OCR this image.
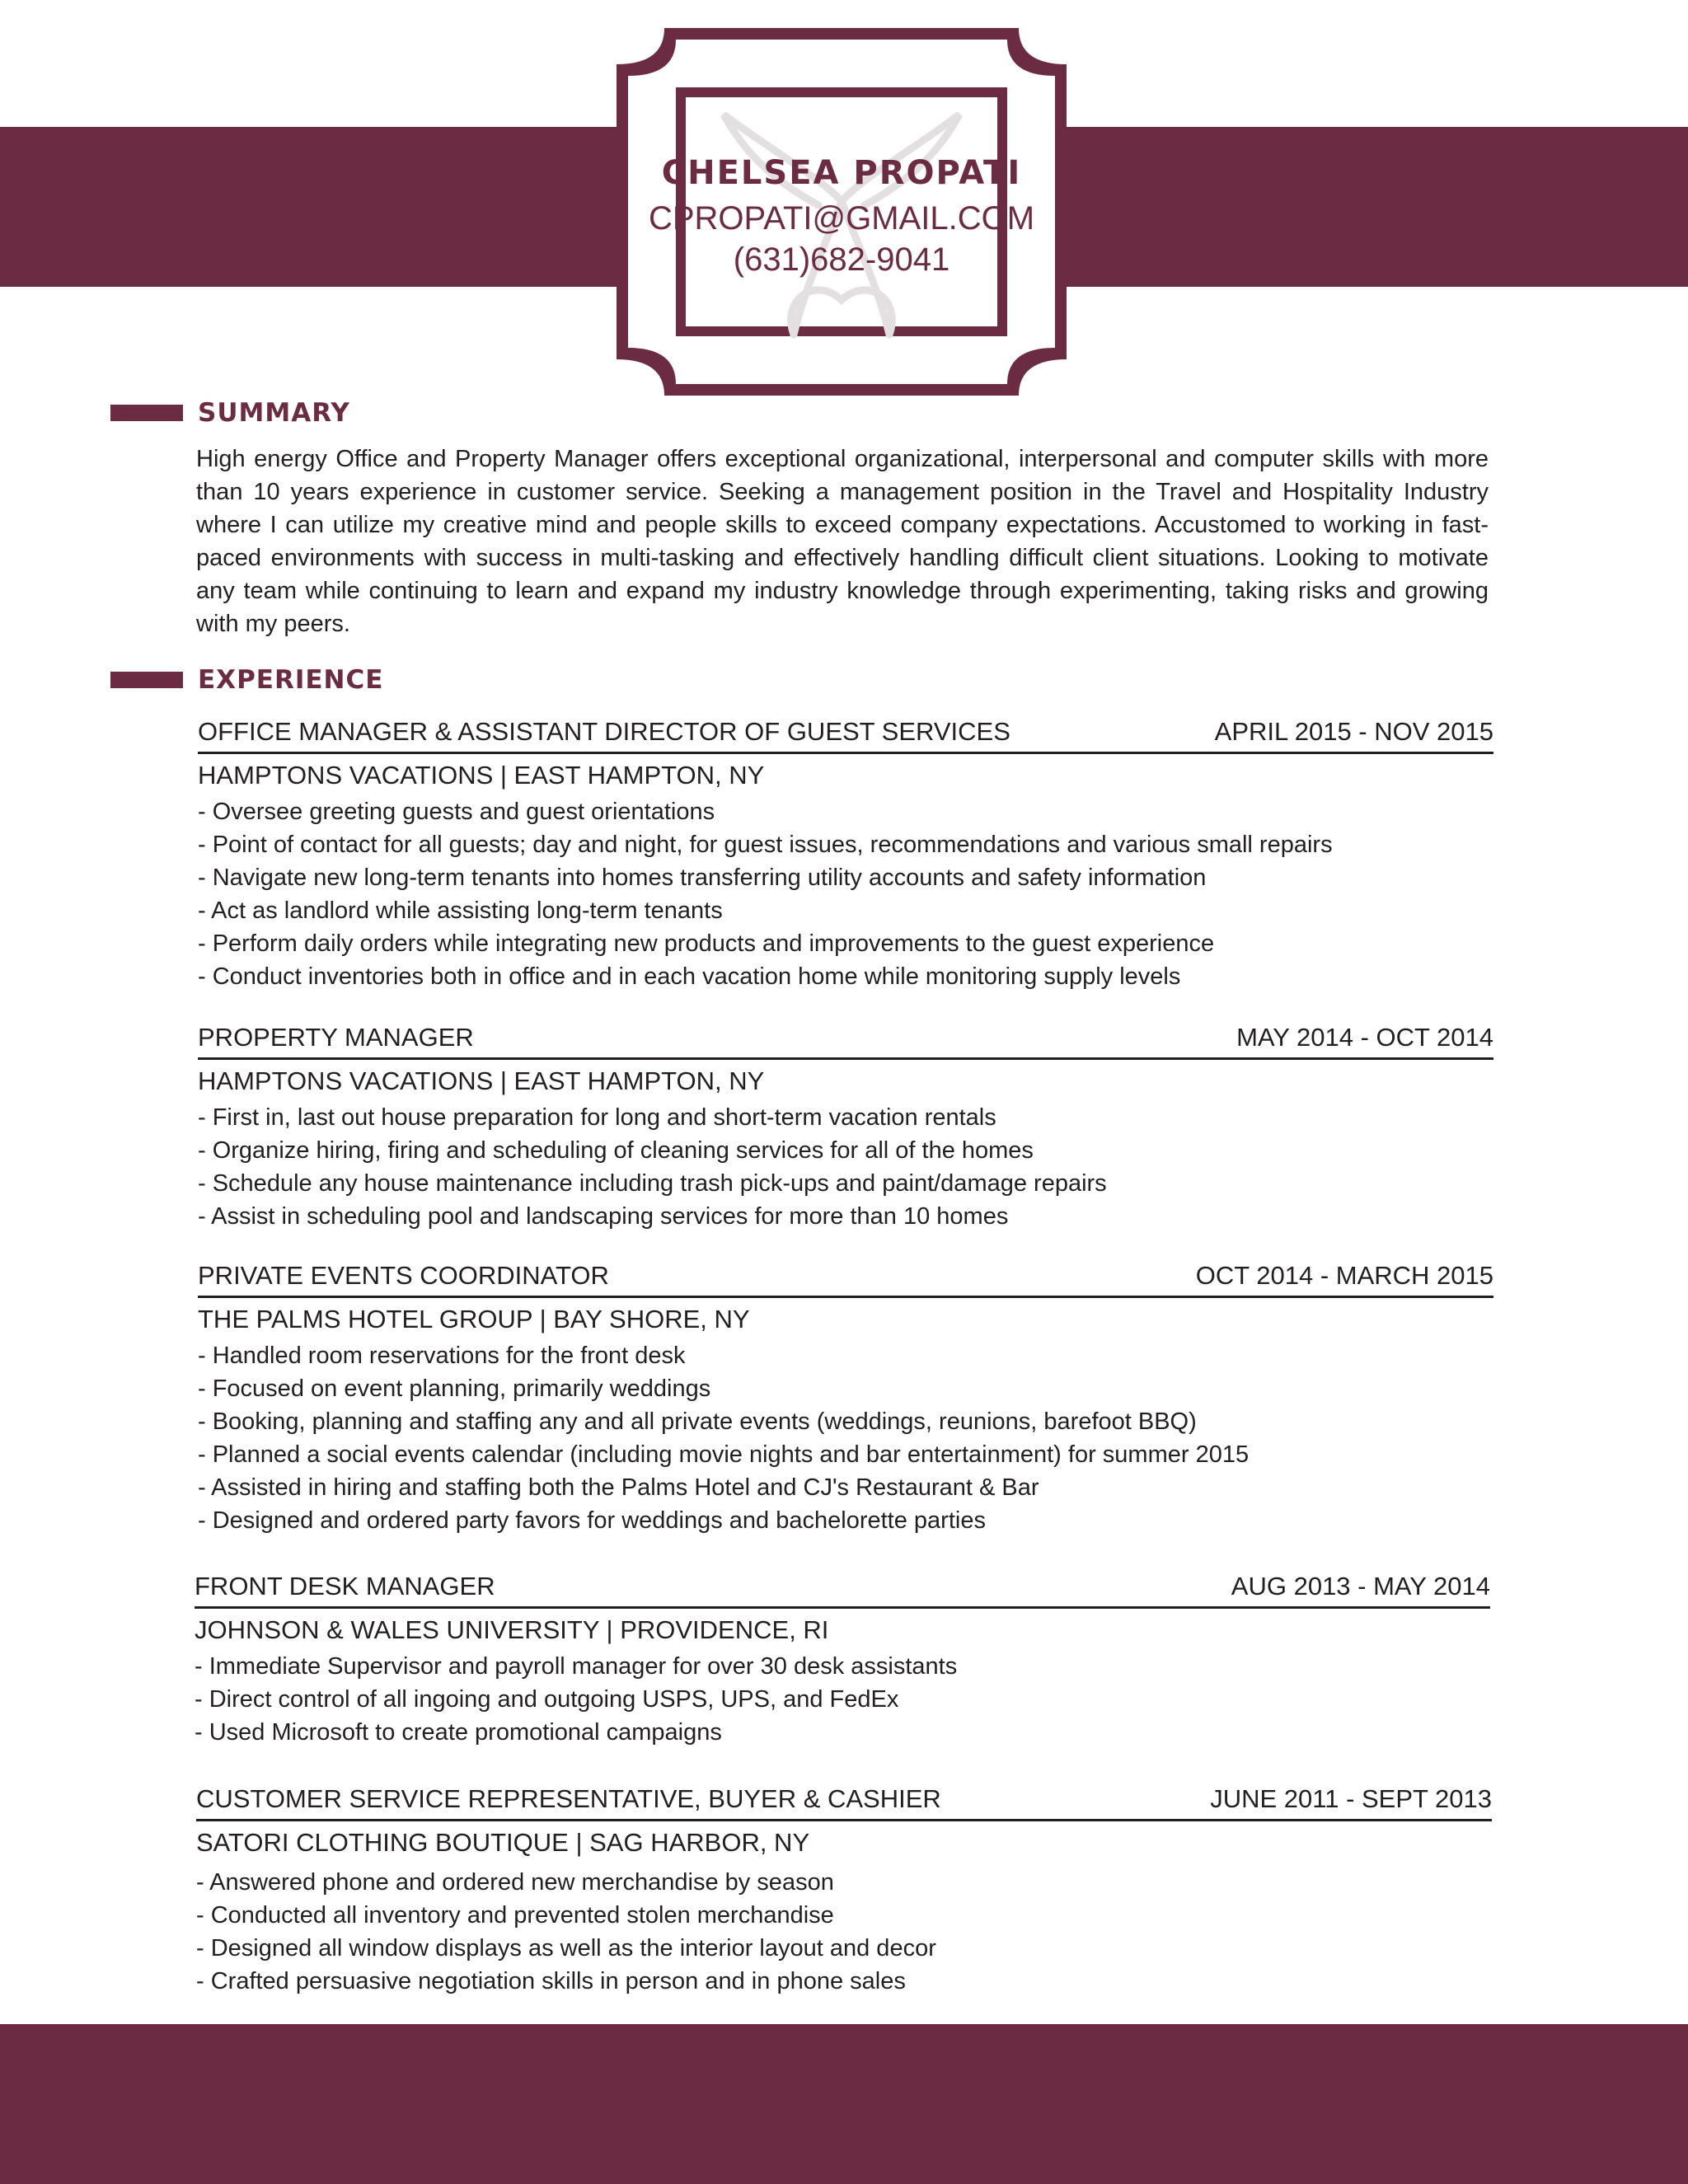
CHELSEA PROPATI
CPROPATI@GMAIL.COM
(631)682-9041
SUMMARY
High energy Office and Property Manager offers exceptional organizational, interpersonal and computer skills with more than 10 years experience in customer service. Seeking a management position in the Travel and Hospitality Industry where I can utilize my creative mind and people skills to exceed company expectations. Accustomed to working in fast-paced environments with success in multi-tasking and effectively handling difficult client situations. Looking to motivate any team while continuing to learn and expand my industry knowledge through experimenting, taking risks and growing with my peers.
EXPERIENCE
OFFICE MANAGER & ASSISTANT DIRECTOR OF GUEST SERVICES	APRIL 2015 - NOV 2015
HAMPTONS VACATIONS | EAST HAMPTON, NY
- Oversee greeting guests and guest orientations
- Point of contact for all guests; day and night, for guest issues, recommendations and various small repairs
- Navigate new long-term tenants into homes transferring utility accounts and safety information
- Act as landlord while assisting long-term tenants
- Perform daily orders while integrating new products and improvements to the guest experience
- Conduct inventories both in office and in each vacation home while monitoring supply levels
PROPERTY MANAGER	MAY 2014 - OCT 2014
HAMPTONS VACATIONS | EAST HAMPTON, NY
- First in, last out house preparation for long and short-term vacation rentals
- Organize hiring, firing and scheduling of cleaning services for all of the homes
- Schedule any house maintenance including trash pick-ups and paint/damage repairs
- Assist in scheduling pool and landscaping services for more than 10 homes
PRIVATE EVENTS COORDINATOR	OCT 2014 - MARCH 2015
THE PALMS HOTEL GROUP | BAY SHORE, NY
- Handled room reservations for the front desk
- Focused on event planning, primarily weddings
- Booking, planning and staffing any and all private events (weddings, reunions, barefoot BBQ)
- Planned a social events calendar (including movie nights and bar entertainment) for summer 2015
- Assisted in hiring and staffing both the Palms Hotel and CJ's Restaurant & Bar
- Designed and ordered party favors for weddings and bachelorette parties
FRONT DESK MANAGER	AUG 2013 - MAY 2014
JOHNSON & WALES UNIVERSITY | PROVIDENCE, RI
- Immediate Supervisor and payroll manager for over 30 desk assistants
- Direct control of all ingoing and outgoing USPS, UPS, and FedEx
- Used Microsoft to create promotional campaigns
CUSTOMER SERVICE REPRESENTATIVE, BUYER & CASHIER	JUNE 2011 - SEPT 2013
SATORI CLOTHING BOUTIQUE | SAG HARBOR, NY
- Answered phone and ordered new merchandise by season
- Conducted all inventory and prevented stolen merchandise
- Designed all window displays as well as the interior layout and decor
- Crafted persuasive negotiation skills in person and in phone sales
